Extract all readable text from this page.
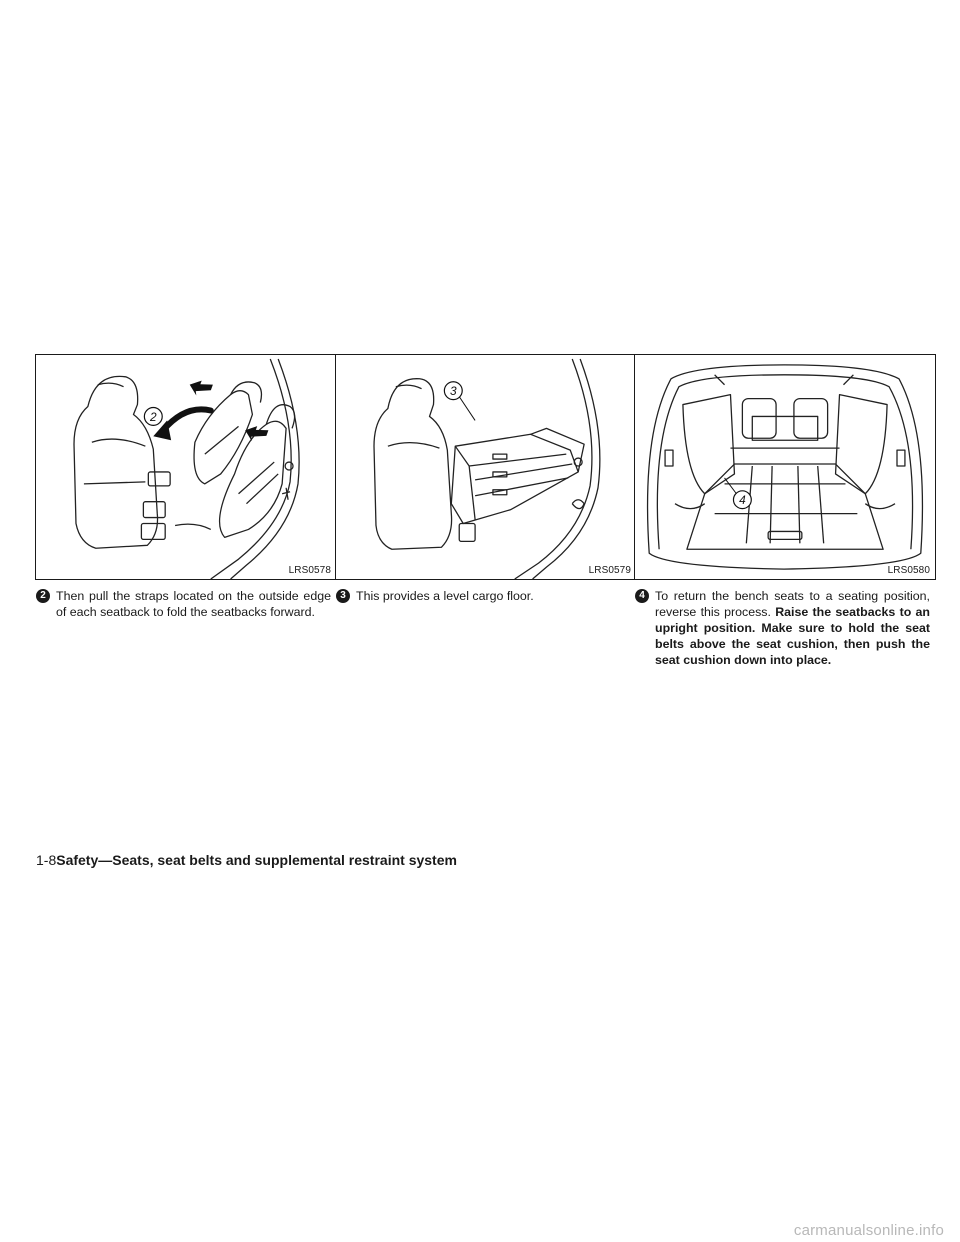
2
LRS0578
3
LRS0579
4
LRS0580
2 Then pull the straps located on the outside edge of each seatback to fold the seatbacks forward.
3 This provides a level cargo floor.	4 To return the bench seats to a seating position, reverse this process. Raise the seatbacks to an upright position. Make sure to hold the seat belts above the seat cushion, then push the seat cushion down into place.
1-8Safety—Seats, seat belts and supplemental restraint system
carmanualsonline.info
